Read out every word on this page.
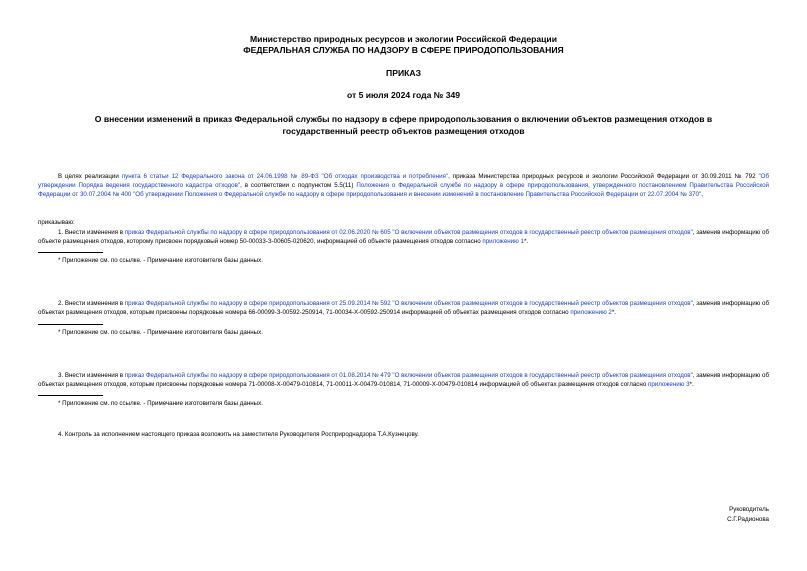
Министерство природных ресурсов и экологии Российской Федерации
ФЕДЕРАЛЬНАЯ СЛУЖБА ПО НАДЗОРУ В СФЕРЕ ПРИРОДОПОЛЬЗОВАНИЯ
ПРИКАЗ
от 5 июля 2024 года № 349
О внесении изменений в приказ Федеральной службы по надзору в сфере природопользования о включении объектов размещения отходов в государственный реестр объектов размещения отходов
В целях реализации пункта 6 статьи 12 Федерального закона от 24.06.1998 № 89-ФЗ "Об отходах производства и потребления", приказа Министерства природных ресурсов и экологии Российской Федерации от 30.09.2011 № 792 "Об утверждении Порядка ведения государственного кадастра отходов", в соответствии с подпунктом 5.5(11) Положения о Федеральной службе по надзору в сфере природопользования, утвержденного постановлением Правительства Российской Федерации от 30.07.2004 № 400 "Об утверждении Положения о Федеральной службе по надзору в сфере природопользования и внесении изменений в постановление Правительства Российской Федерации от 22.07.2004 № 370",
приказываю:
1. Внести изменения в приказ Федеральной службы по надзору в сфере природопользования от 02.06.2020 № 605 "О включении объектов размещения отходов в государственный реестр объектов размещения отходов", заменив информацию об объекте размещения отходов, которому присвоен порядковый номер 50-00033-З-00605-020620, информацией об объекте размещения отходов согласно приложению 1*.
* Приложение см. по ссылке. - Примечание изготовителя базы данных.
2. Внести изменения в приказ Федеральной службы по надзору в сфере природопользования от 25.09.2014 № 592 "О включении объектов размещения отходов в государственный реестр объектов размещения отходов", заменив информацию об объектах размещения отходов, которым присвоены порядковые номера 66-00099-З-00592-250914, 71-00034-Х-00592-250914 информацией об объектах размещения отходов согласно приложению 2*.
* Приложение см. по ссылке. - Примечание изготовителя базы данных.
3. Внести изменения в приказ Федеральной службы по надзору в сфере природопользования от 01.08.2014 № 479 "О включении объектов размещения отходов в государственный реестр объектов размещения отходов", заменив информацию об объектах размещения отходов, которым присвоены порядковые номера 71-00008-Х-00479-010814, 71-00011-Х-00479-010814, 71-00009-Х-00479-010814 информацией об объектах размещения отходов согласно приложению 3*.
* Приложение см. по ссылке. - Примечание изготовителя базы данных.
4. Контроль за исполнением настоящего приказа возложить на заместителя Руководителя Росприроднадзора Т.А.Кузнецову.
Руководитель
С.Г.Радионова
